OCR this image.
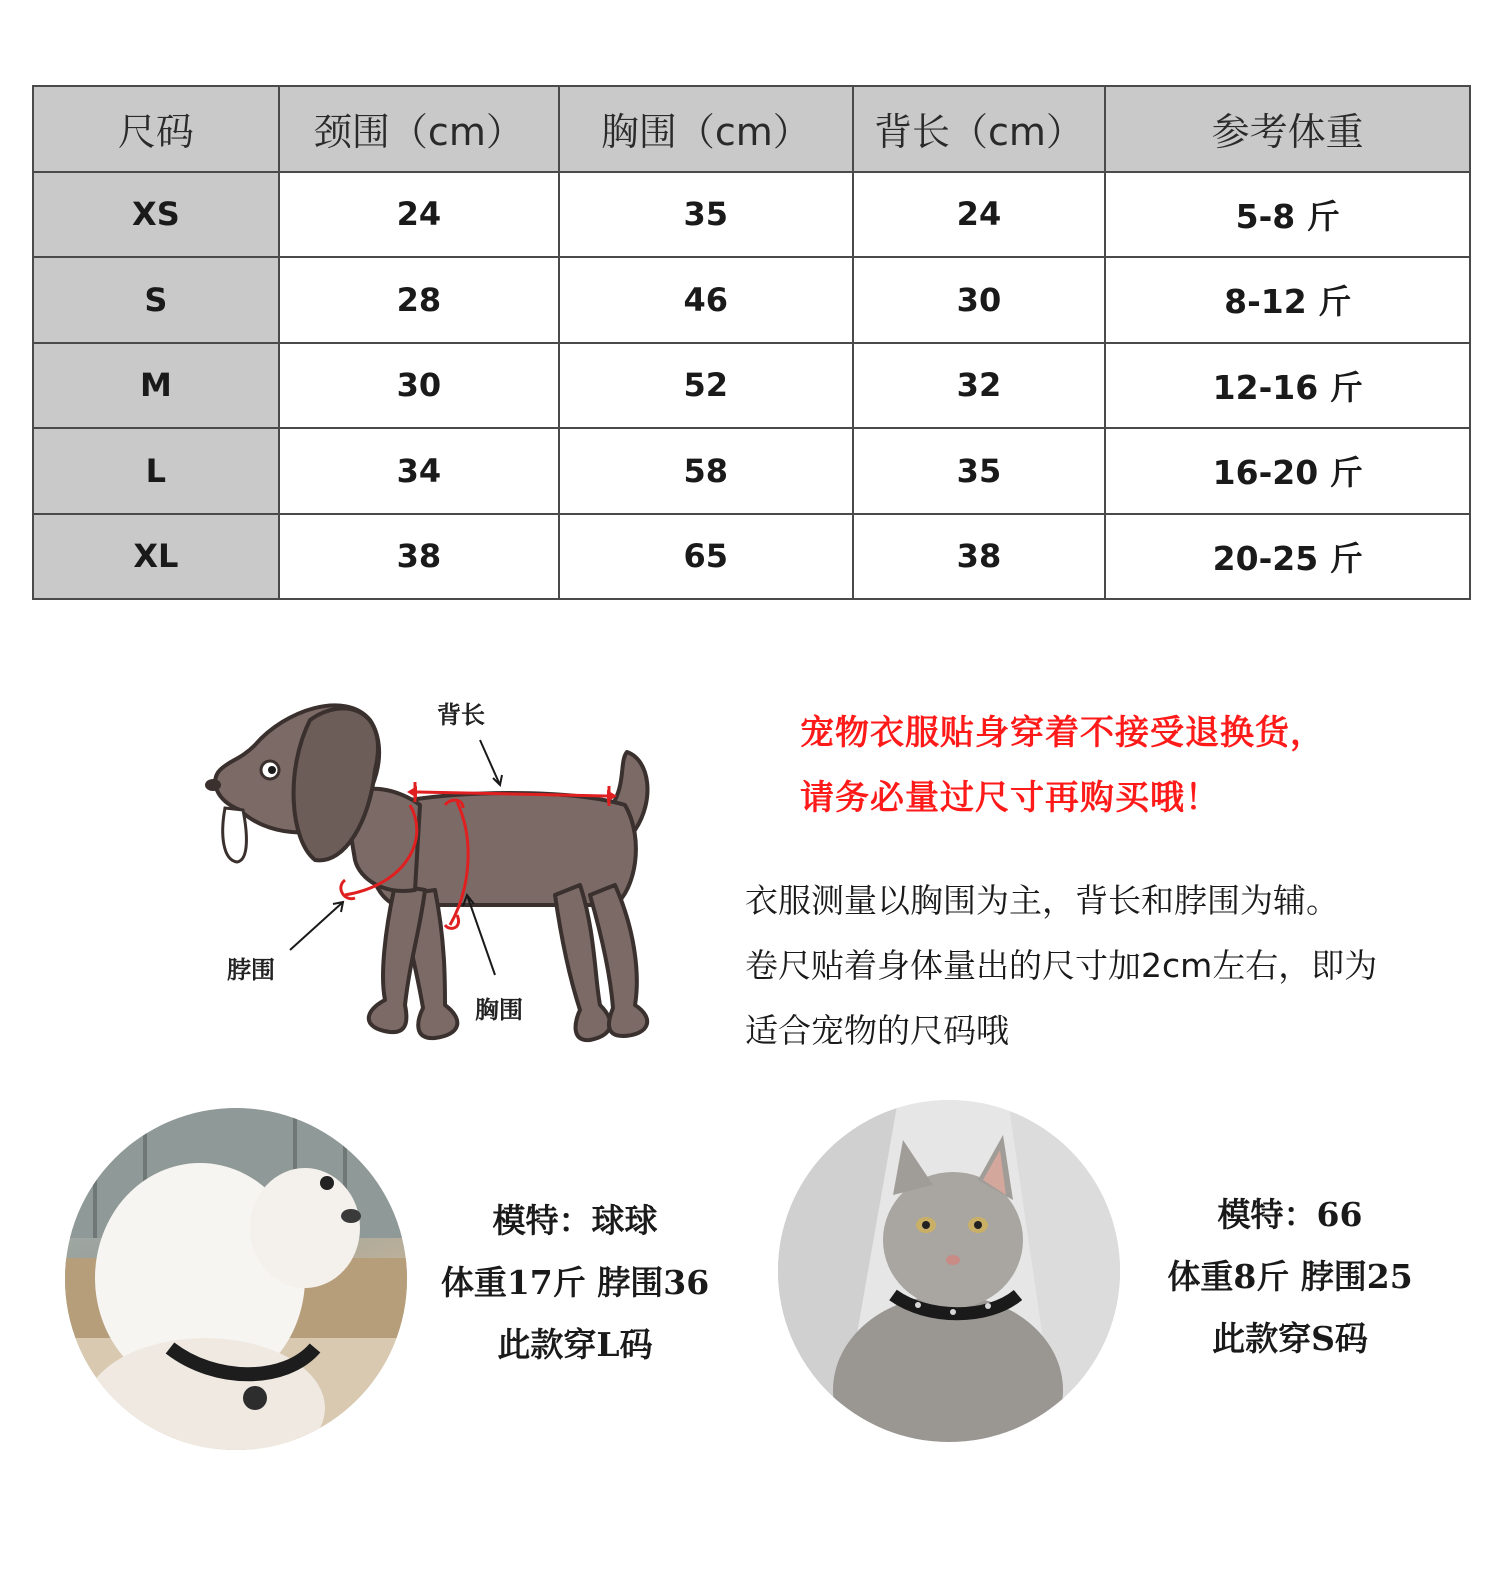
尺码	颈围（cm）	胸围（cm）	背长（cm）	参考体重
XS	24	35	24	5-8 斤
S	28	46	30	8-12 斤
M	30	52	32	12-16 斤
L	34	58	35	16-20 斤
XL	38	65	38	20-25 斤
背长
脖围
胸围
宠物衣服贴身穿着不接受退换货，
请务必量过尺寸再购买哦！
衣服测量以胸围为主，背长和脖围为辅。
卷尺贴着身体量出的尺寸加2cm左右，即为
适合宠物的尺码哦
模特：球球
体重17斤 脖围36
此款穿L码
模特：66
体重8斤 脖围25
此款穿S码
